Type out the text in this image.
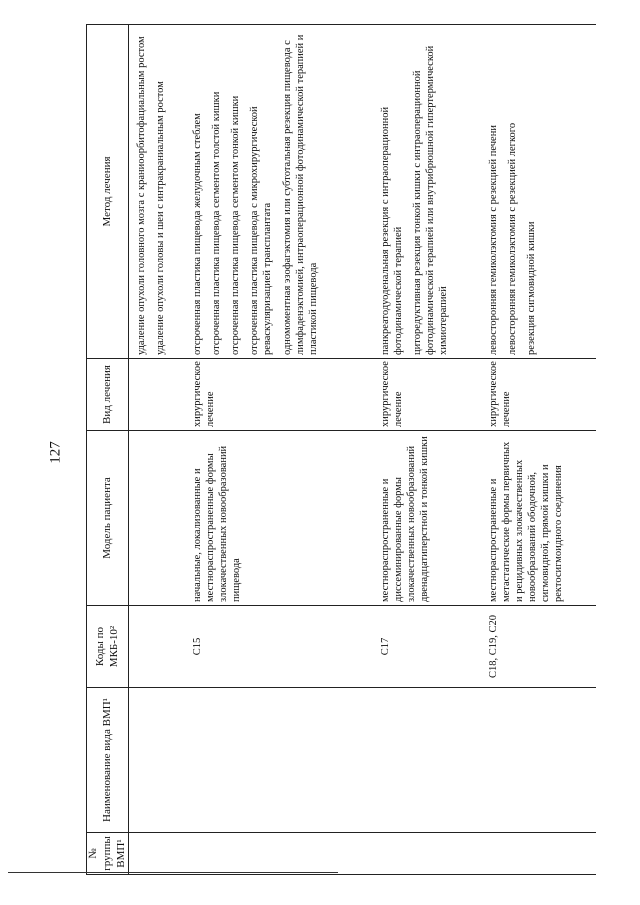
127
№ группы ВМП¹	Наименование вида ВМП¹	Коды по МКБ-10²	Модель пациента	Вид лечения	Метод лечения

					удаление опухоли головного мозга с краниоорбитофациальным ростом удаление опухоли головы и шеи с интракраниальным ростом

		C15	начальные, локализованные и местнораспространенные формы злокачественных новообразований пищевода	хирургическое лечение	отсроченная пластика пищевода желудочным стеблем отсроченная пластика пищевода сегментом толстой кишки отсроченная пластика пищевода сегментом тонкой кишки отсроченная пластика пищевода с микрохирургической реваскуляризацией трансплантата одномоментная эзофагэктомия или субтотальная резекция пищевода с лимфаденэктомией, интраоперационной фотодинамической терапией и пластикой пищевода

		C17	местнораспространенные и диссеминированные формы злокачественных новообразований двенадцатиперстной и тонкой кишки	хирургическое лечение	панкреатодуоденальная резекция с интраоперационной фотодинамической терапией циторедуктивная резекция тонкой кишки с интраоперационной фотодинамической терапией или внутрибрюшной гипертермической химиотерапией

		C18, C19, C20	местнораспространенные и метастатические формы первичных и рецидивных злокачественных новообразований ободочной, сигмовидной, прямой кишки и ректосигмоидного соединения	хирургическое лечение	левосторонняя гемиколэктомия с резекцией печени левосторонняя гемиколэктомия с резекцией легкого резекция сигмовидной кишки
